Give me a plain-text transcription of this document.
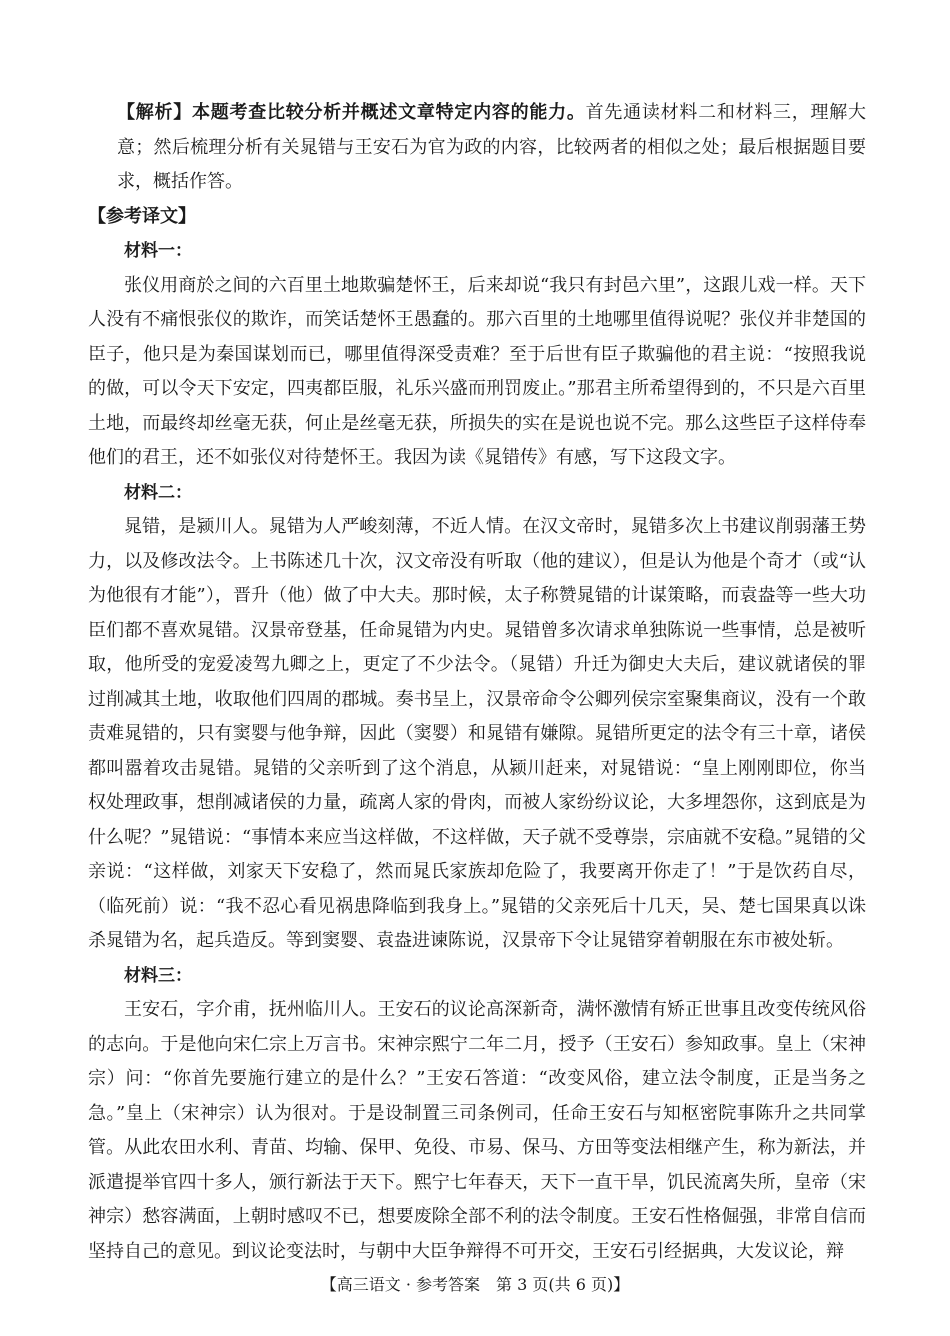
【解析】本题考查比较分析并概述文章特定内容的能力。首先通读材料二和材料三，理解大意；然后梳理分析有关晁错与王安石为官为政的内容，比较两者的相似之处；最后根据题目要求，概括作答。

【参考译文】

材料一：

张仪用商於之间的六百里土地欺骗楚怀王，后来却说“我只有封邑六里”，这跟儿戏一样。天下人没有不痛恨张仪的欺诈，而笑话楚怀王愚蠢的。那六百里的土地哪里值得说呢？张仪并非楚国的臣子，他只是为秦国谋划而已，哪里值得深受责难？至于后世有臣子欺骗他的君主说：“按照我说的做，可以令天下安定，四夷都臣服，礼乐兴盛而刑罚废止。”那君主所希望得到的，不只是六百里土地，而最终却丝毫无获，何止是丝毫无获，所损失的实在是说也说不完。那么这些臣子这样侍奉他们的君王，还不如张仪对待楚怀王。我因为读《晁错传》有感，写下这段文字。

材料二：

晁错，是颍川人。晁错为人严峻刻薄，不近人情。在汉文帝时，晁错多次上书建议削弱藩王势力，以及修改法令。上书陈述几十次，汉文帝没有听取（他的建议），但是认为他是个奇才（或“认为他很有才能”），晋升（他）做了中大夫。那时候，太子称赞晁错的计谋策略，而袁盎等一些大功臣们都不喜欢晁错。汉景帝登基，任命晁错为内史。晁错曾多次请求单独陈说一些事情，总是被听取，他所受的宠爱凌驾九卿之上，更定了不少法令。（晁错）升迁为御史大夫后，建议就诸侯的罪过削减其土地，收取他们四周的郡城。奏书呈上，汉景帝命令公卿列侯宗室聚集商议，没有一个敢责难晁错的，只有窦婴与他争辩，因此（窦婴）和晁错有嫌隙。晁错所更定的法令有三十章，诸侯都叫嚣着攻击晁错。晁错的父亲听到了这个消息，从颍川赶来，对晁错说：“皇上刚刚即位，你当权处理政事，想削减诸侯的力量，疏离人家的骨肉，而被人家纷纷议论，大多埋怨你，这到底是为什么呢？”晁错说：“事情本来应当这样做，不这样做，天子就不受尊崇，宗庙就不安稳。”晁错的父亲说：“这样做，刘家天下安稳了，然而晁氏家族却危险了，我要离开你走了！”于是饮药自尽，（临死前）说：“我不忍心看见祸患降临到我身上。”晁错的父亲死后十几天，吴、楚七国果真以诛杀晁错为名，起兵造反。等到窦婴、袁盎进谏陈说，汉景帝下令让晁错穿着朝服在东市被处斩。

材料三：

王安石，字介甫，抚州临川人。王安石的议论高深新奇，满怀激情有矫正世事且改变传统风俗的志向。于是他向宋仁宗上万言书。宋神宗熙宁二年二月，授予（王安石）参知政事。皇上（宋神宗）问：“你首先要施行建立的是什么？”王安石答道：“改变风俗，建立法令制度，正是当务之急。”皇上（宋神宗）认为很对。于是设制置三司条例司，任命王安石与知枢密院事陈升之共同掌管。从此农田水利、青苗、均输、保甲、免役、市易、保马、方田等变法相继产生，称为新法，并派遣提举官四十多人，颁行新法于天下。熙宁七年春天，天下一直干旱，饥民流离失所，皇帝（宋神宗）愁容满面，上朝时感叹不已，想要废除全部不利的法令制度。王安石性格倔强，非常自信而坚持自己的意见。到议论变法时，与朝中大臣争辩得不可开交，王安石引经据典，大发议论，辩

【高三语文 · 参考答案　第 3 页(共 6 页)】
